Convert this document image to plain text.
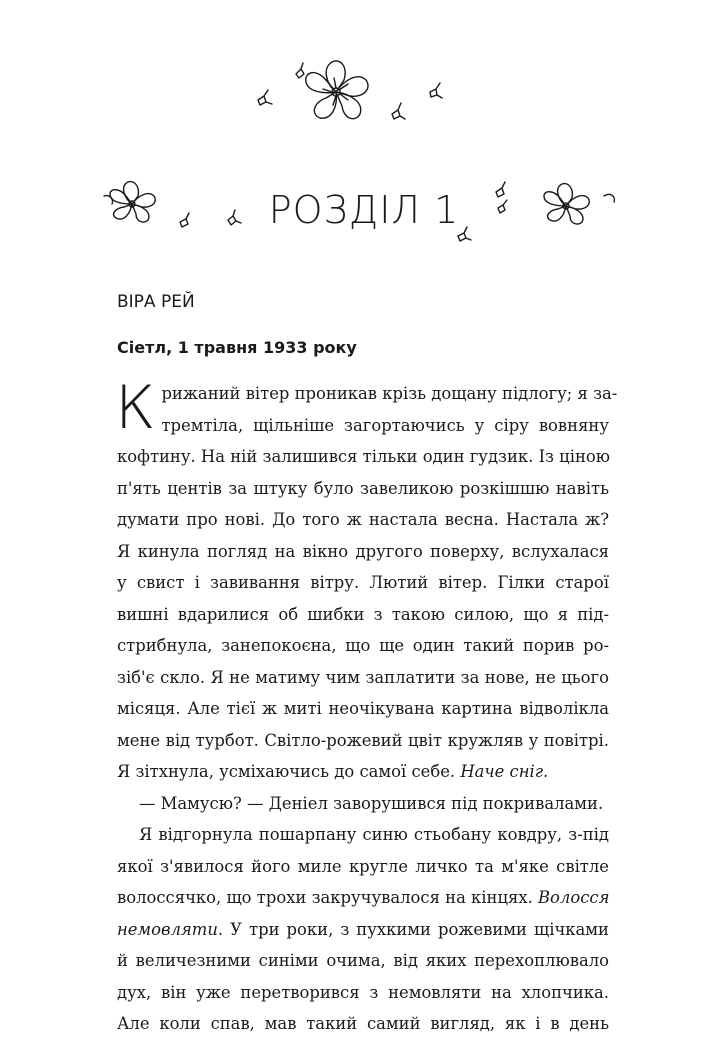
РОЗДІЛ 1
ВІРА РЕЙ
Сіетл, 1 травня 1933 року
К рижаний вітер проникав крізь дощану підлогу; я за-
тремтіла, щільніше загортаючись у сіру вовняну
кофтину. На ній залишився тільки один гудзик. Із ціною
п'ять центів за штуку було завеликою розкішшю навіть
думати про нові. До того ж настала весна. Настала ж?
Я кинула погляд на вікно другого поверху, вслухалася
у свист і завивання вітру. Лютий вітер. Гілки старої
вишні вдарилися об шибки з такою силою, що я під-
стрибнула, занепокоєна, що ще один такий порив ро-
зіб'є скло. Я не матиму чим заплатити за нове, не цього
місяця. Але тієї ж миті неочікувана картина відволікла
мене від турбот. Світло-рожевий цвіт кружляв у повітрі.
Я зітхнула, усміхаючись до самої себе. Наче сніг.
— Мамусю? — Деніел заворушився під покривалами.
Я відгорнула пошарпану синю стьобану ковдру, з-під
якої з'явилося його миле кругле личко та м'яке світле
волоссячко, що трохи закручувалося на кінцях. Волосся
немовляти. У три роки, з пухкими рожевими щічками
й величезними синіми очима, від яких перехоплювало
дух, він уже перетворився з немовляти на хлопчика.
Але коли спав, мав такий самий вигляд, як і в день
